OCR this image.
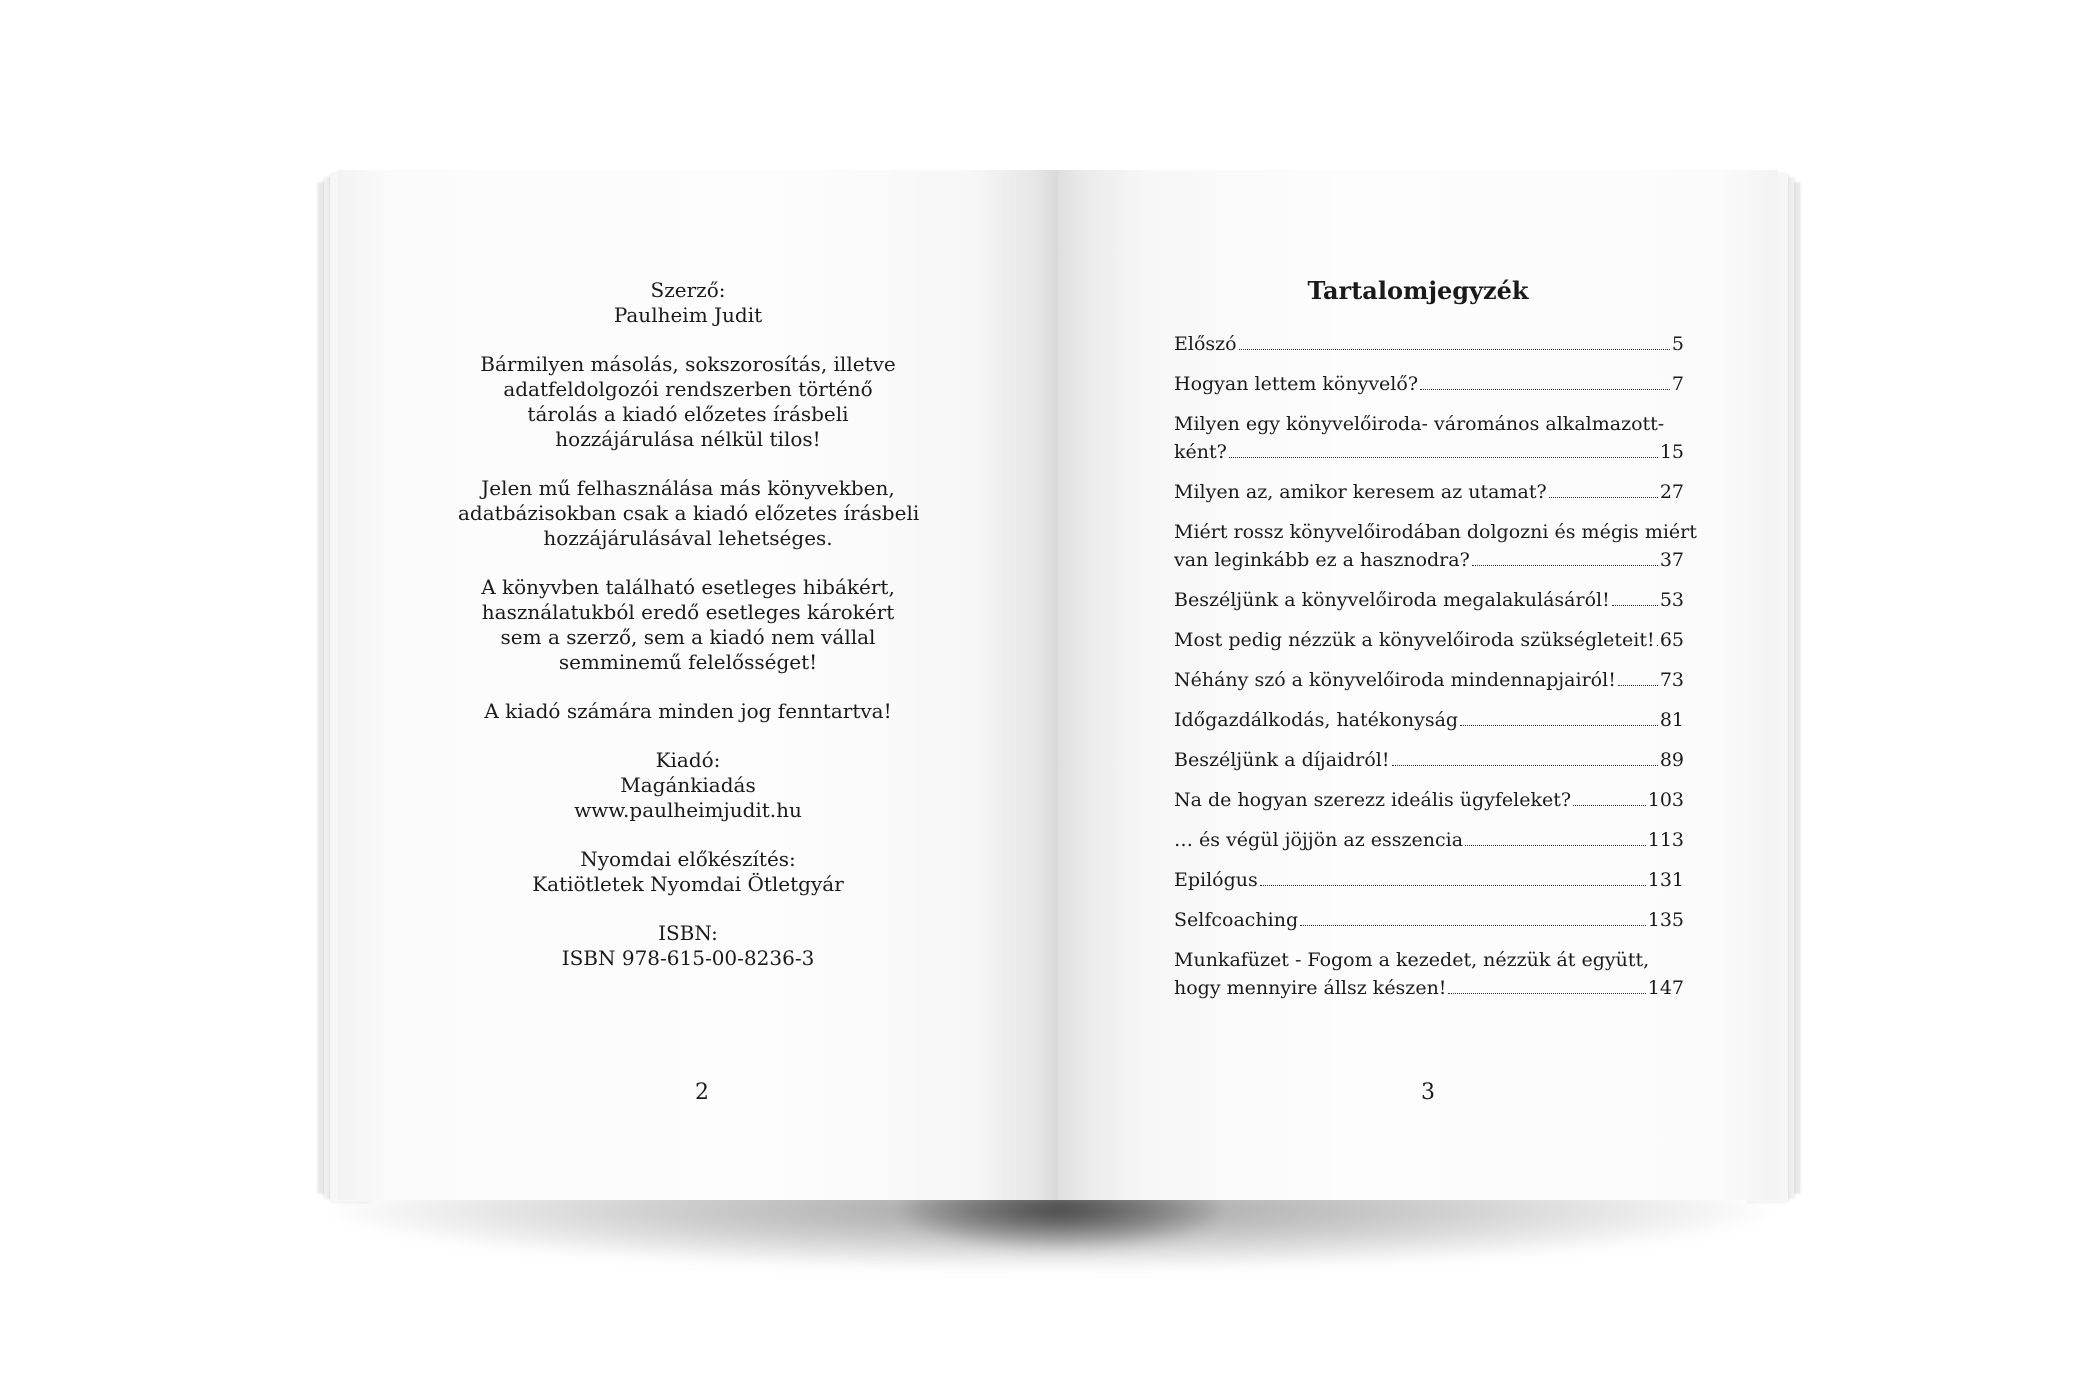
Szerző:
Paulheim Judit
Bármilyen másolás, sokszorosítás, illetve
adatfeldolgozói rendszerben történő
tárolás a kiadó előzetes írásbeli
hozzájárulása nélkül tilos!
Jelen mű felhasználása más könyvekben,
adatbázisokban csak a kiadó előzetes írásbeli
hozzájárulásával lehetséges.
A könyvben található esetleges hibákért,
használatukból eredő esetleges károkért
sem a szerző, sem a kiadó nem vállal
semminemű felelősséget!
A kiadó számára minden jog fenntartva!
Kiadó:
Magánkiadás
www.paulheimjudit.hu
Nyomdai előkészítés:
Katiötletek Nyomdai Ötletgyár
ISBN:
ISBN 978-615-00-8236-3
2
Tartalomjegyzék
Előszó	5
Hogyan lettem könyvelő?	7
Milyen egy könyvelőiroda- váromános alkalmazott-
ként?	15
Milyen az, amikor keresem az utamat?	27
Miért rossz könyvelőirodában dolgozni és mégis miért
van leginkább ez a hasznodra?	37
Beszéljünk a könyvelőiroda megalakulásáról!	53
Most pedig nézzük a könyvelőiroda szükségleteit! 65
Néhány szó a könyvelőiroda mindennapjairól! 73
Időgazdálkodás, hatékonyság	81
Beszéljünk a díjaidról!	89
Na de hogyan szerezz ideális ügyfeleket?	103
… és végül jöjjön az esszencia	113
Epilógus	131
Selfcoaching	135
Munkafüzet - Fogom a kezedet, nézzük át együtt,
hogy mennyire állsz készen!	147
3
